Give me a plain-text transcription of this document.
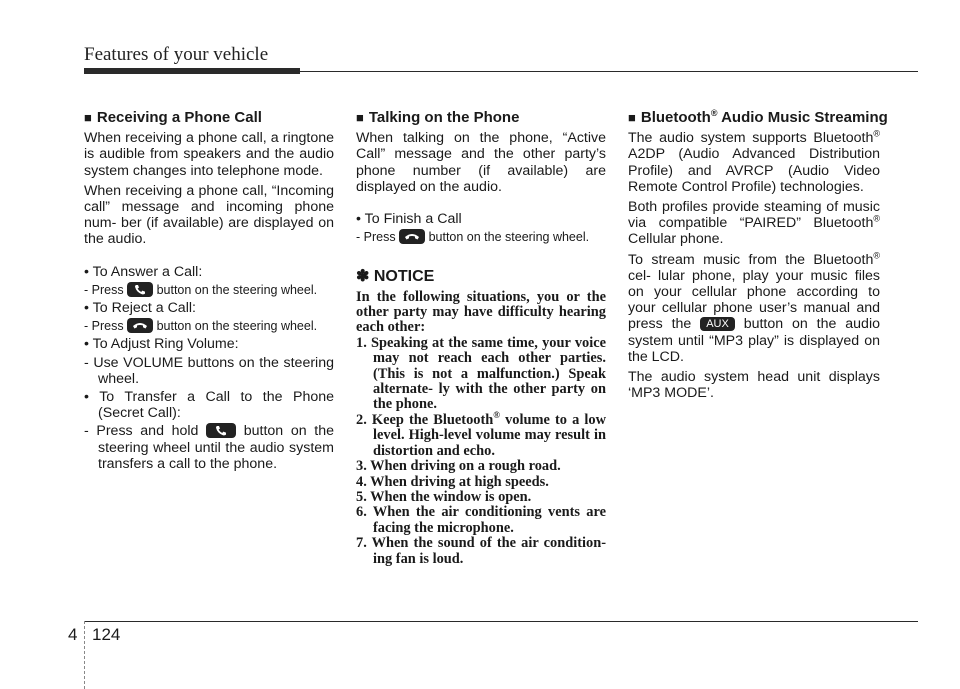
Features of your vehicle
■ Receiving a Phone Call

When receiving a phone call, a ringtone is audible from speakers and the audio system changes into telephone mode.

When receiving a phone call, “Incoming call” message and incoming phone num- ber (if available) are displayed on the audio.

• To Answer a Call:
- Press	button on the steering wheel.
• To Reject a Call:
- Press	button on the steering wheel.
• To Adjust Ring Volume:
- Use VOLUME buttons on the steering wheel.
• To Transfer a Call to the Phone (Secret Call):
- Press and hold	button on the steering wheel until the audio system transfers a call to the phone.
■ Talking on the Phone

When talking on the phone, “Active Call” message and the other party’s phone number (if available) are displayed on the audio.

• To Finish a Call
- Press	button on the steering wheel.
✽ NOTICE

In the following situations, you or the other party may have difficulty hearing each other:

1. Speaking at the same time, your voice may not reach each other parties. (This is not a malfunction.) Speak alternate- ly with the other party on the phone.

2. Keep the Bluetooth® volume to a low level. High-level volume may result in distortion and echo.

3. When driving on a rough road.

4. When driving at high speeds.

5. When the window is open.

6. When the air conditioning vents are facing the microphone.

7. When the sound of the air condition- ing fan is loud.

■ Bluetooth® Audio Music Streaming

The audio system supports Bluetooth® A2DP (Audio Advanced Distribution Profile) and AVRCP (Audio Video Remote Control Profile) technologies.

Both profiles provide steaming of music via compatible “PAIRED” Bluetooth® Cellular phone.

To stream music from the Bluetooth® cel- lular phone, play your music files on your cellular phone according to your cellular phone user’s manual and press the AUX button on the audio system until “MP3 play” is displayed on the LCD.

The audio system head unit displays ‘MP3 MODE’.

4 124
